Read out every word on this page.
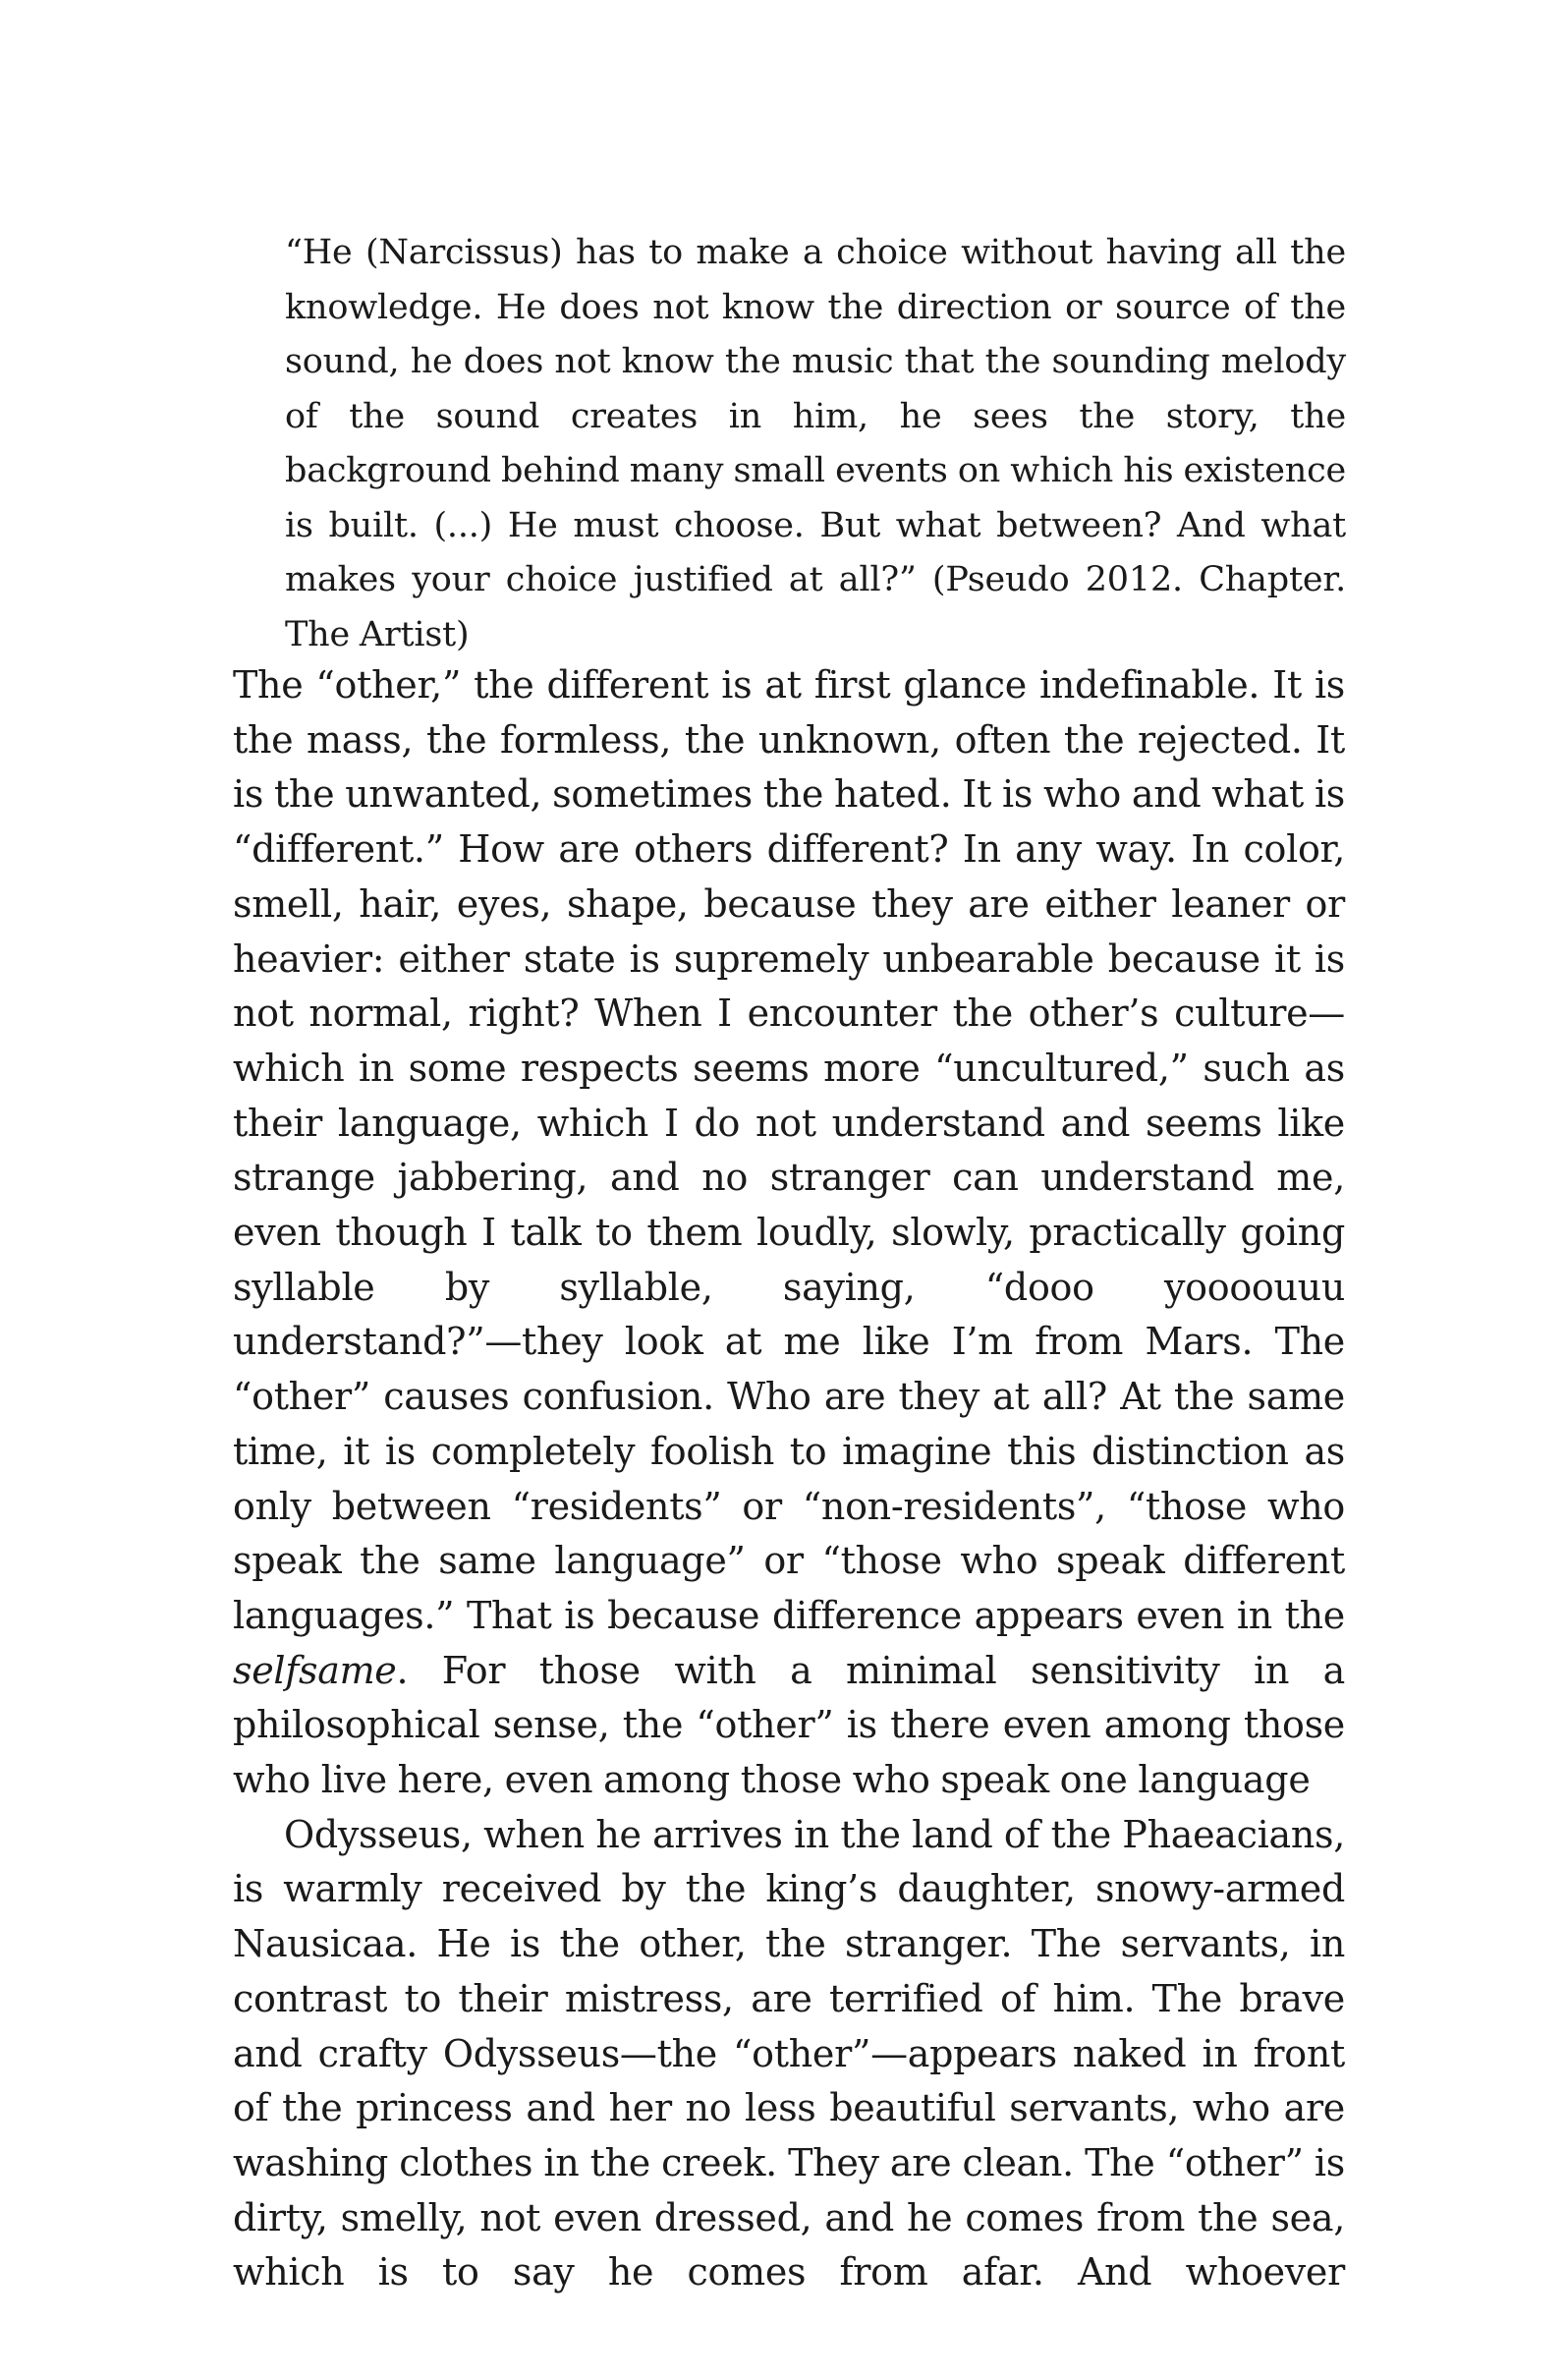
“He (Narcissus) has to make a choice without having all the knowledge. He does not know the direction or source of the sound, he does not know the music that the sounding melody of the sound creates in him, he sees the story, the background behind many small events on which his existence is built. (...) He must choose. But what between? And what makes your choice justified at all?” (Pseudo 2012. Chapter. The Artist)

The “other,” the different is at first glance indefinable. It is the mass, the formless, the unknown, often the rejected. It is the unwanted, sometimes the hated. It is who and what is “different.” How are others different? In any way. In color, smell, hair, eyes, shape, because they are either leaner or heavier: either state is supremely unbearable because it is not normal, right? When I encounter the other’s culture—which in some respects seems more “uncultured,” such as their language, which I do not understand and seems like strange jabbering, and no stranger can understand me, even though I talk to them loudly, slowly, practically going syllable by syllable, saying, “dooo yoooouuu understand?”—they look at me like I’m from Mars. The “other” causes confusion. Who are they at all? At the same time, it is completely foolish to imagine this distinction as only between “residents” or “non-residents”, “those who speak the same language” or “those who speak different languages.” That is because difference appears even in the selfsame. For those with a minimal sensitivity in a philosophical sense, the “other” is there even among those who live here, even among those who speak one language

Odysseus, when he arrives in the land of the Phaeacians, is warmly received by the king’s daughter, snowy-armed Nausicaa. He is the other, the stranger. The servants, in contrast to their mistress, are terrified of him. The brave and crafty Odysseus—the “other”—appears naked in front of the princess and her no less beautiful servants, who are washing clothes in the creek. They are clean. The “other” is dirty, smelly, not even dressed, and he comes from the sea, which is to say he comes from afar. And whoever
